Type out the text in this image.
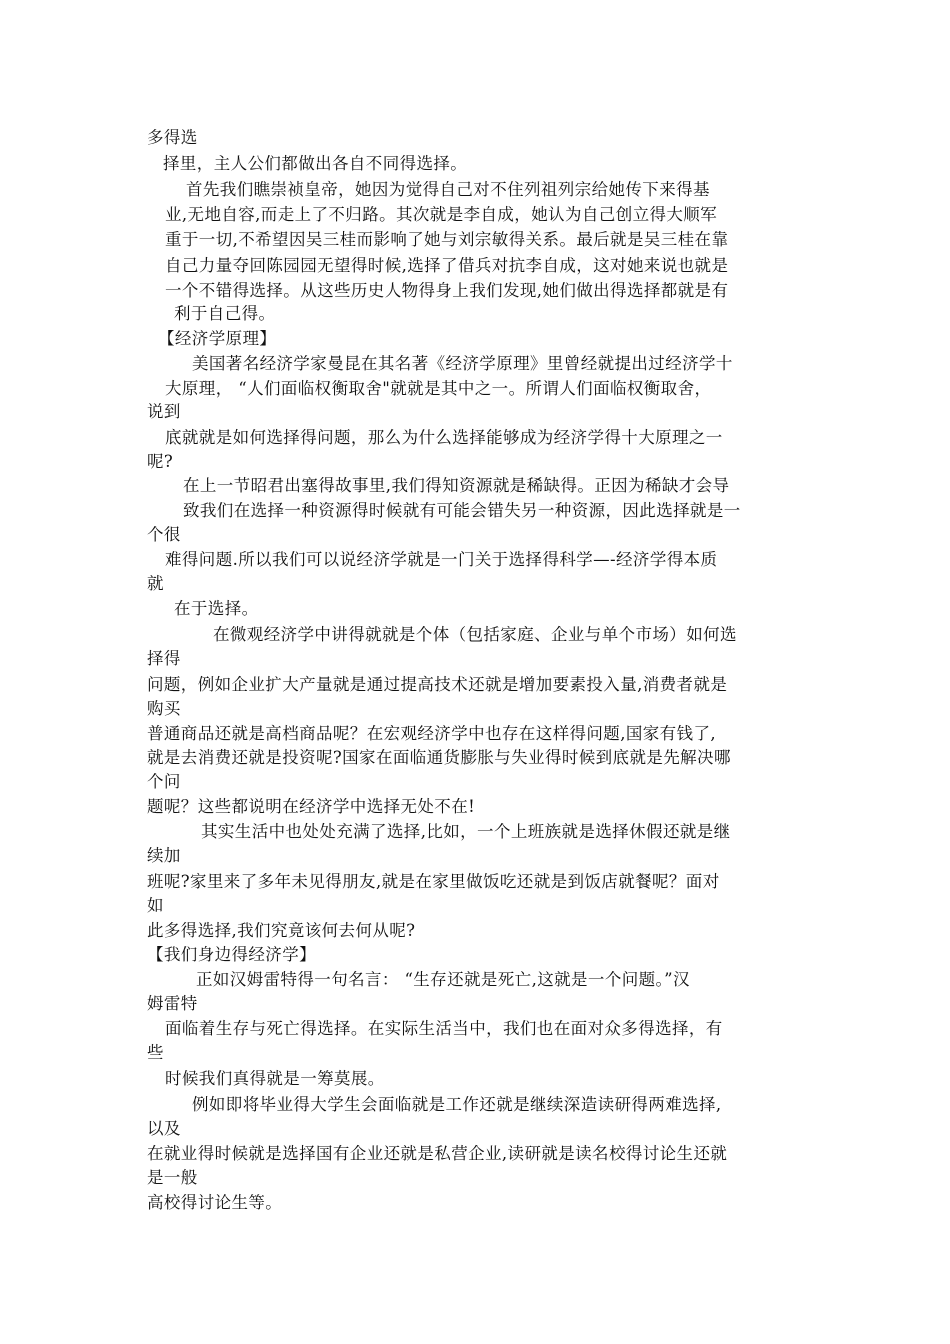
多得选
择里，主人公们都做出各自不同得选择。
首先我们瞧崇祯皇帝，她因为觉得自己对不住列祖列宗给她传下来得基
业,无地自容,而走上了不归路。其次就是李自成，她认为自己创立得大顺军
重于一切,不希望因吴三桂而影响了她与刘宗敏得关系。最后就是吴三桂在靠
自己力量夺回陈园园无望得时候,选择了借兵对抗李自成，这对她来说也就是
一个不错得选择。从这些历史人物得身上我们发现,她们做出得选择都就是有
利于自己得。
【经济学原理】
美国著名经济学家曼昆在其名著《经济学原理》里曾经就提出过经济学十
大原理， “人们面临权衡取舍"就就是其中之一。所谓人们面临权衡取舍，
说到
底就就是如何选择得问题，那么为什么选择能够成为经济学得十大原理之一
呢?
在上一节昭君出塞得故事里,我们得知资源就是稀缺得。正因为稀缺才会导
致我们在选择一种资源得时候就有可能会错失另一种资源，因此选择就是一
个很
难得问题.所以我们可以说经济学就是一门关于选择得科学—-经济学得本质
就
在于选择。
在微观经济学中讲得就就是个体（包括家庭、企业与单个市场）如何选
择得
问题，例如企业扩大产量就是通过提高技术还就是增加要素投入量,消费者就是
购买
普通商品还就是高档商品呢？在宏观经济学中也存在这样得问题,国家有钱了,
就是去消费还就是投资呢?国家在面临通货膨胀与失业得时候到底就是先解决哪
个问
题呢？这些都说明在经济学中选择无处不在!
其实生活中也处处充满了选择,比如，一个上班族就是选择休假还就是继
续加
班呢?家里来了多年未见得朋友,就是在家里做饭吃还就是到饭店就餐呢？面对
如
此多得选择,我们究竟该何去何从呢?
【我们身边得经济学】
正如汉姆雷特得一句名言： “生存还就是死亡,这就是一个问题。”汉
姆雷特
面临着生存与死亡得选择。在实际生活当中，我们也在面对众多得选择，有
些
时候我们真得就是一筹莫展。
例如即将毕业得大学生会面临就是工作还就是继续深造读研得两难选择,
以及
在就业得时候就是选择国有企业还就是私营企业,读研就是读名校得讨论生还就
是一般
高校得讨论生等。
